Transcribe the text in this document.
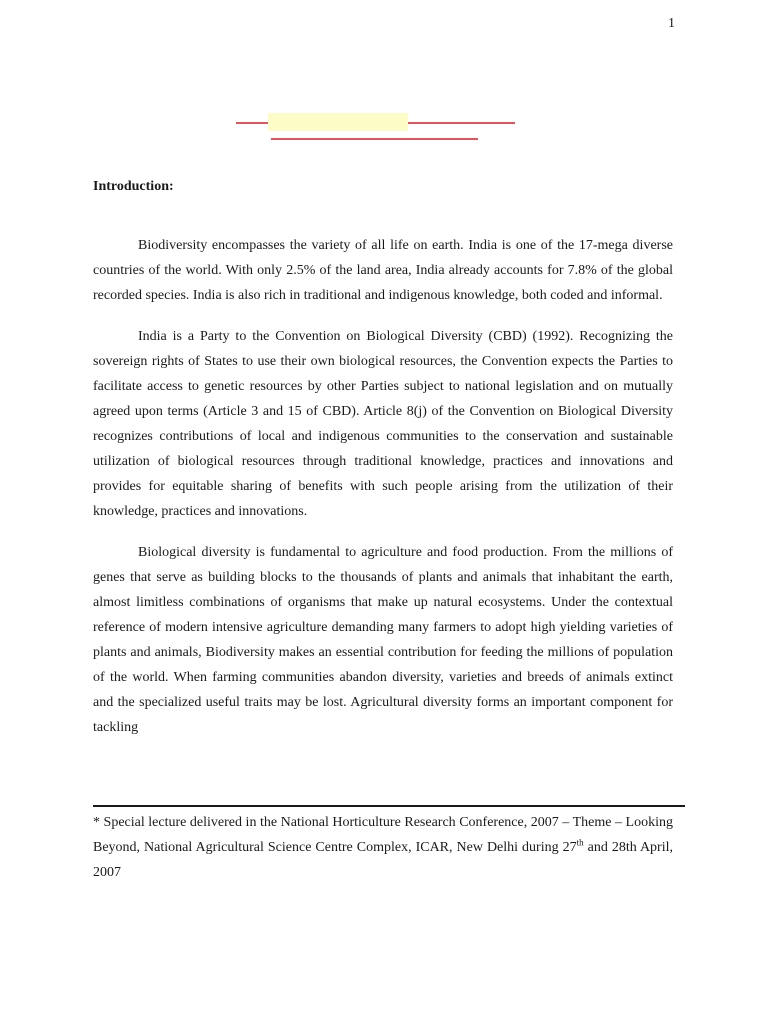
1
Introduction:

Biodiversity encompasses the variety of all life on earth. India is one of the 17-mega diverse countries of the world. With only 2.5% of the land area, India already accounts for 7.8% of the global recorded species. India is also rich in traditional and indigenous knowledge, both coded and informal.

India is a Party to the Convention on Biological Diversity (CBD) (1992). Recognizing the sovereign rights of States to use their own biological resources, the Convention expects the Parties to facilitate access to genetic resources by other Parties subject to national legislation and on mutually agreed upon terms (Article 3 and 15 of CBD). Article 8(j) of the Convention on Biological Diversity recognizes contributions of local and indigenous communities to the conservation and sustainable utilization of biological resources through traditional knowledge, practices and innovations and provides for equitable sharing of benefits with such people arising from the utilization of their knowledge, practices and innovations.

Biological diversity is fundamental to agriculture and food production. From the millions of genes that serve as building blocks to the thousands of plants and animals that inhabitant the earth, almost limitless combinations of organisms that make up natural ecosystems. Under the contextual reference of modern intensive agriculture demanding many farmers to adopt high yielding varieties of plants and animals, Biodiversity makes an essential contribution for feeding the millions of population of the world. When farming communities abandon diversity, varieties and breeds of animals extinct and the specialized useful traits may be lost. Agricultural diversity forms an important component for tackling

* Special lecture delivered in the National Horticulture Research Conference, 2007 – Theme – Looking Beyond, National Agricultural Science Centre Complex, ICAR, New Delhi during 27th and 28th April, 2007
